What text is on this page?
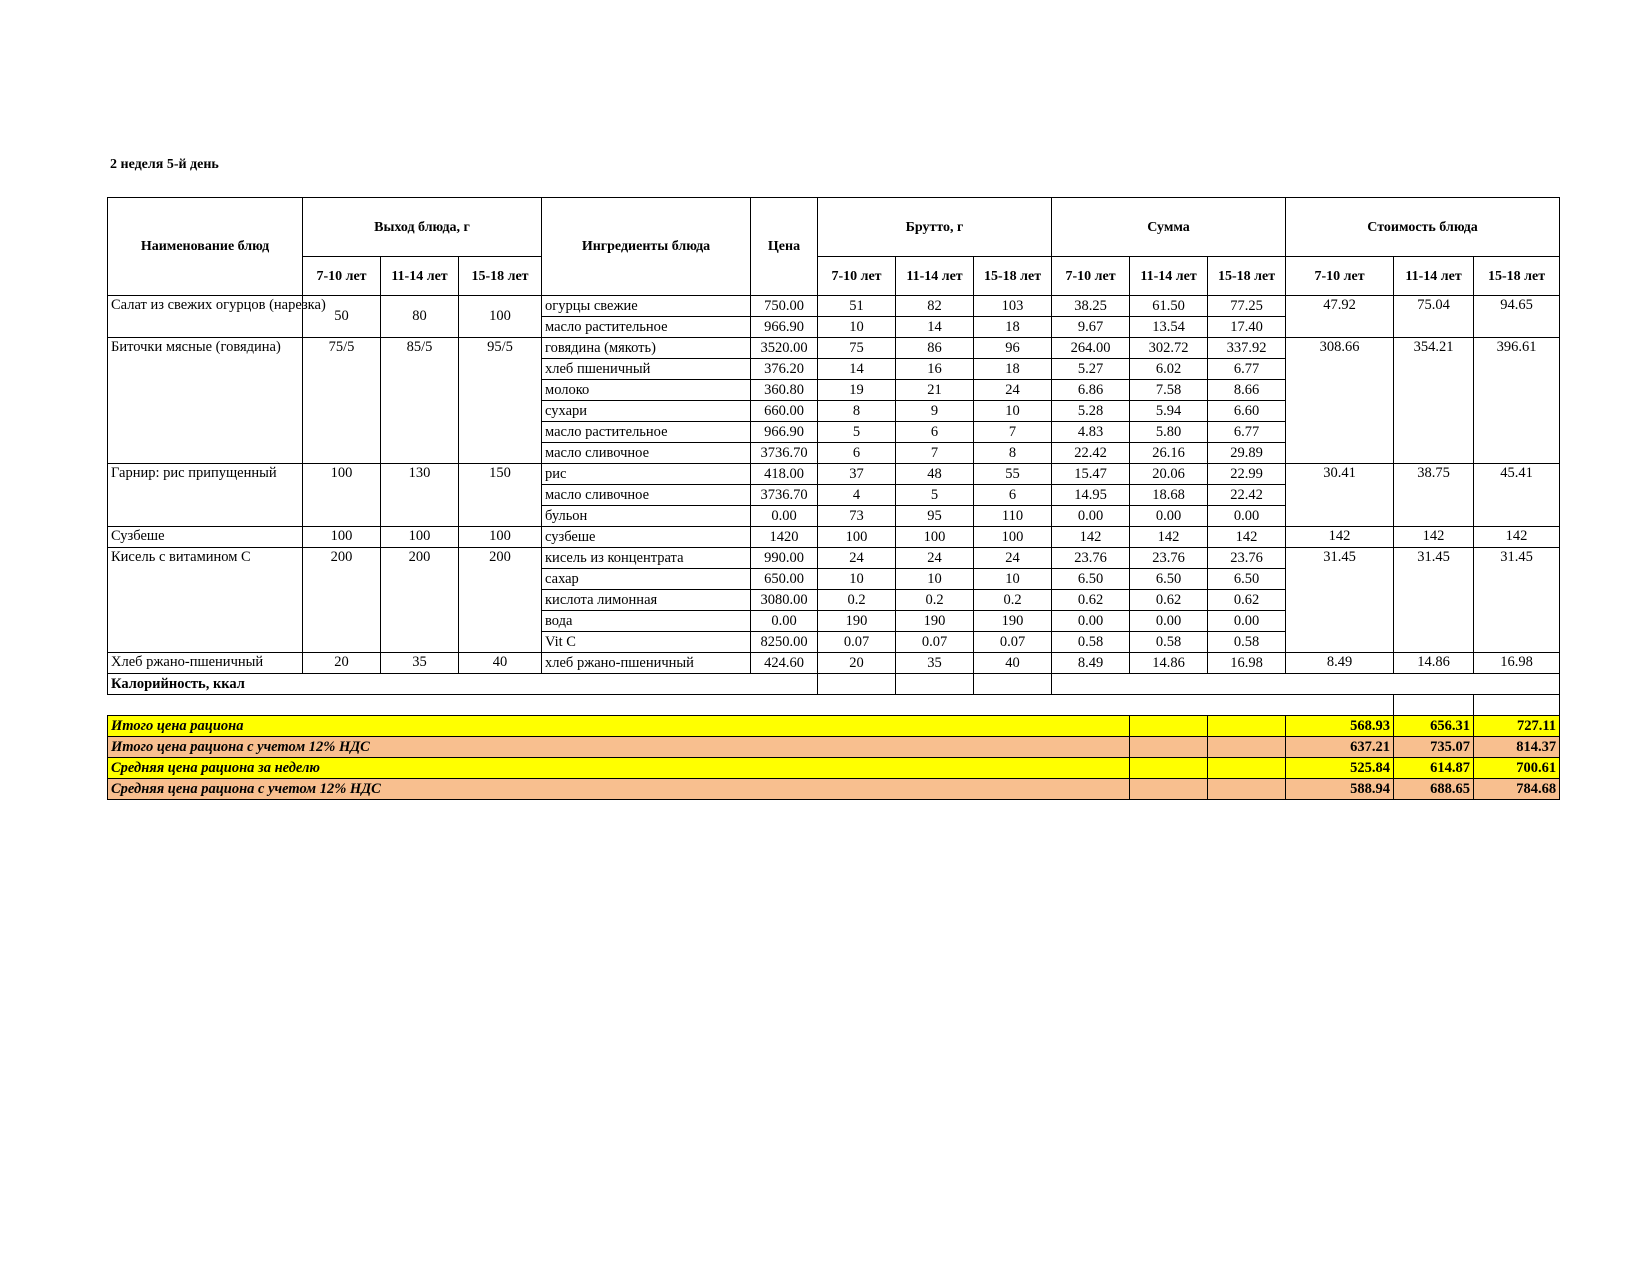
2 неделя 5-й день
Наименование блюд	Выход блюда, г			Ингредиенты блюда	Цена	Брутто, г			Сумма			Стоимость блюда		
	7-10 лет	11-14 лет	15-18 лет			7-10 лет	11-14 лет	15-18 лет	7-10 лет	11-14 лет	15-18 лет	7-10 лет	11-14 лет	15-18 лет
Салат из свежих огурцов (нарезка)	50	80	100	огурцы свежие	750.00	51	82	103	38.25	61.50	77.25	47.92	75.04	94.65
				масло растительное	966.90	10	14	18	9.67	13.54	17.40			
Биточки мясные (говядина)	75/5	85/5	95/5	говядина (мякоть)	3520.00	75	86	96	264.00	302.72	337.92	308.66	354.21	396.61
				хлеб пшеничный	376.20	14	16	18	5.27	6.02	6.77			
				молоко	360.80	19	21	24	6.86	7.58	8.66			
				сухари	660.00	8	9	10	5.28	5.94	6.60			
				масло растительное	966.90	5	6	7	4.83	5.80	6.77			
				масло сливочное	3736.70	6	7	8	22.42	26.16	29.89			
Гарнир: рис припущенный	100	130	150	рис	418.00	37	48	55	15.47	20.06	22.99	30.41	38.75	45.41
				масло сливочное	3736.70	4	5	6	14.95	18.68	22.42			
				бульон	0.00	73	95	110	0.00	0.00	0.00			
Сузбеше	100	100	100	сузбеше	1420	100	100	100	142	142	142	142	142	142
Кисель с витамином С	200	200	200	кисель из концентрата	990.00	24	24	24	23.76	23.76	23.76	31.45	31.45	31.45
				сахар	650.00	10	10	10	6.50	6.50	6.50			
				кислота лимонная	3080.00	0.2	0.2	0.2	0.62	0.62	0.62			
				вода	0.00	190	190	190	0.00	0.00	0.00			
				Vit C	8250.00	0.07	0.07	0.07	0.58	0.58	0.58			
Хлеб ржано-пшеничный	20	35	40	хлеб ржано-пшеничный	424.60	20	35	40	8.49	14.86	16.98	8.49	14.86	16.98
Калорийность, ккал														

Итого цена рациона												568.93	656.31	727.11
Итого цена рациона с учетом 12% НДС												637.21	735.07	814.37
Средняя цена рациона за неделю												525.84	614.87	700.61
Средняя цена рациона с учетом 12% НДС												588.94	688.65	784.68
